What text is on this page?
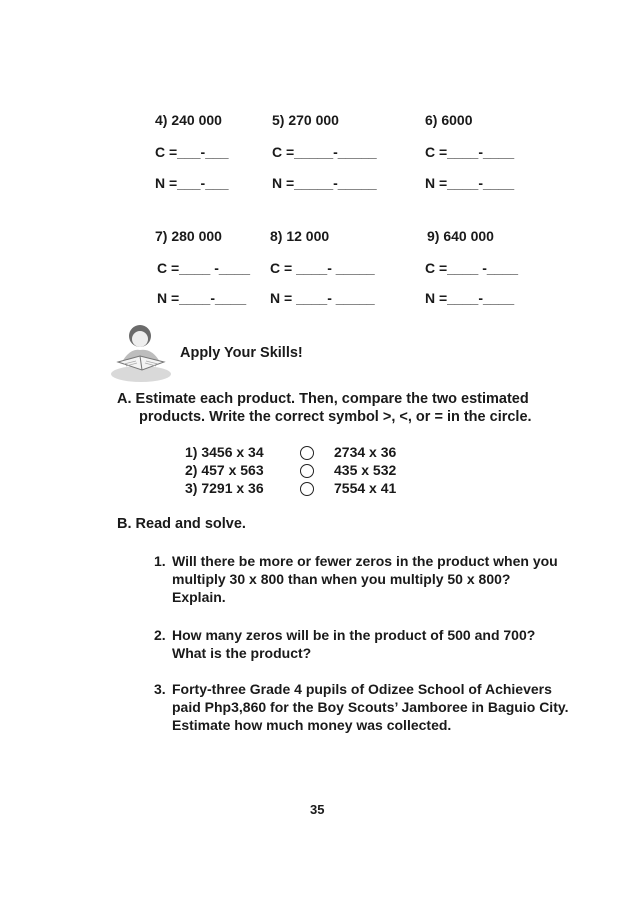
4) 240 000
C =___-___
N =___-___
5) 270 000
C =_____-_____
N =_____-_____
6) 6000
C =____-____
N =____-____
7) 280 000
C =____ -____
N =____-____
8) 12 000
C = ____- _____
N = ____- _____
9) 640 000
C =____ -____
N =____-____
Apply Your Skills!
A. Estimate each product. Then, compare the two estimated
products. Write the correct symbol >, <, or = in the circle.
1) 3456 x 34	2734 x 36
2) 457 x 563	435 x 532
3) 7291 x 36	7554 x 41
B. Read and solve.
1. Will there be more or fewer zeros in the product when you
multiply 30 x 800 than when you multiply 50 x 800?
Explain.
2. How many zeros will be in the product of 500 and 700?
What is the product?
3. Forty-three Grade 4 pupils of Odizee School of Achievers
paid Php3,860 for the Boy Scouts’ Jamboree in Baguio City.
Estimate how much money was collected.
35
